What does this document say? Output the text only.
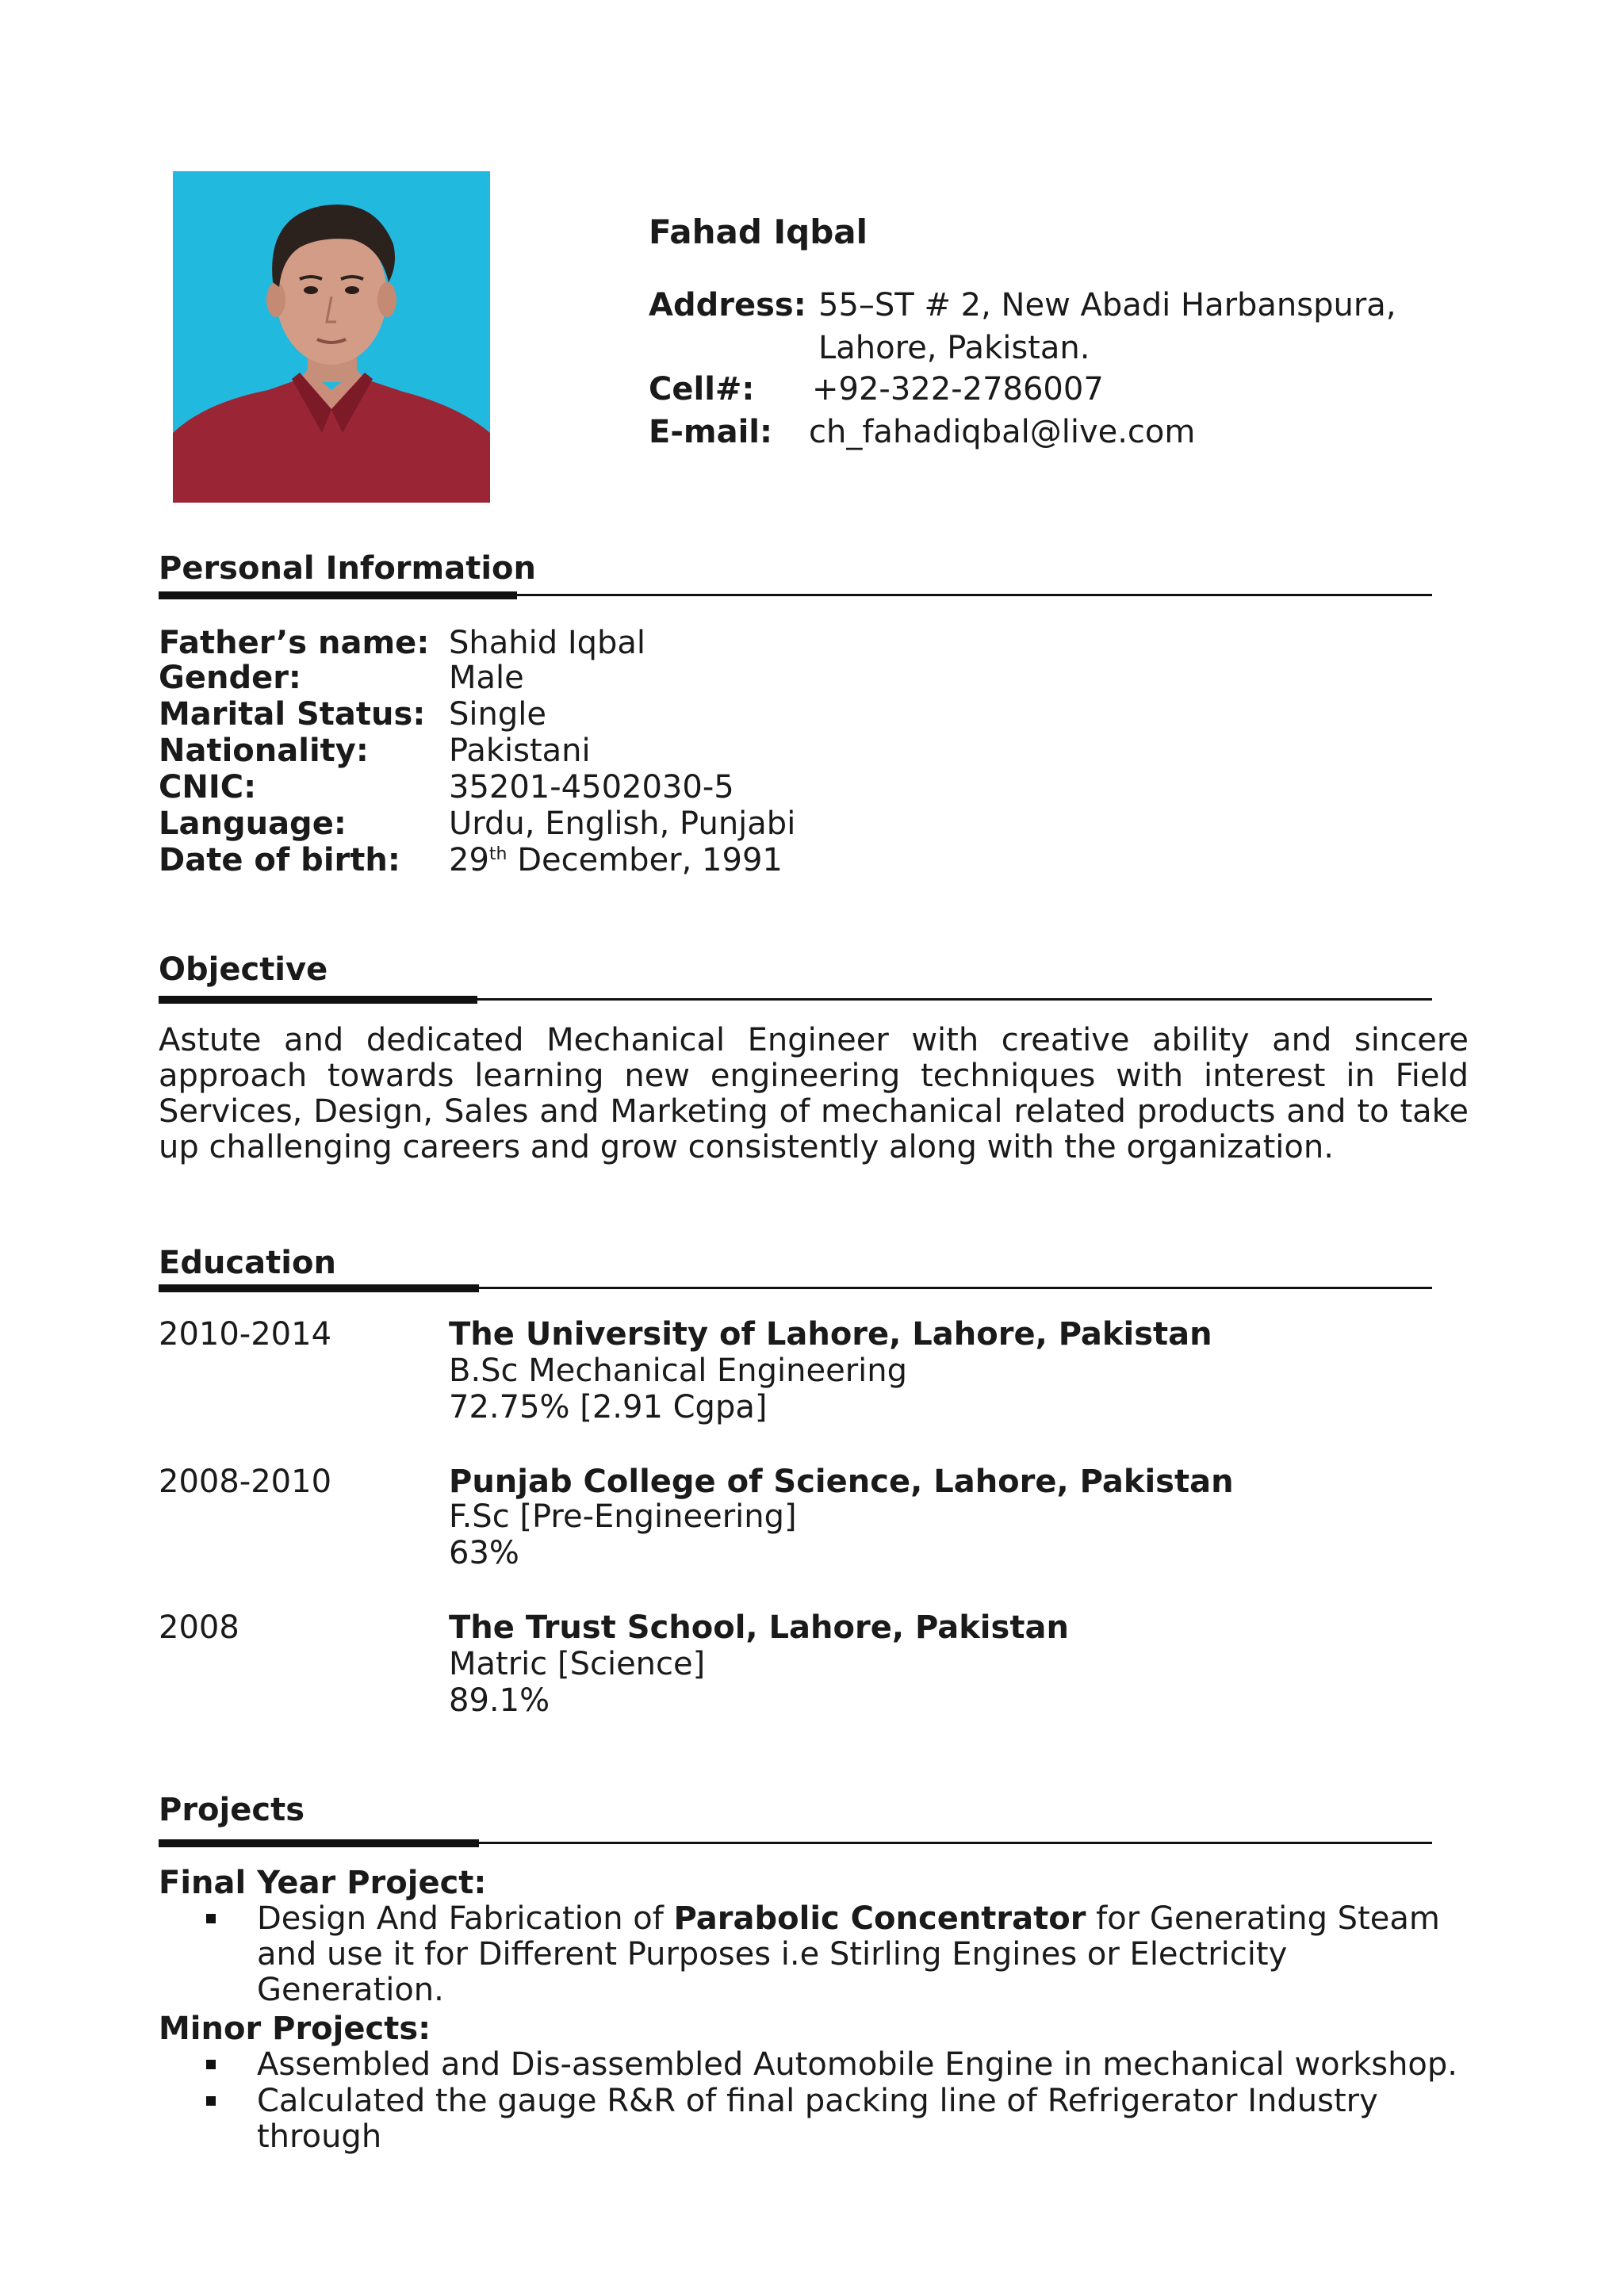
Fahad Iqbal
Address: 55–ST # 2, New Abadi Harbanspura,
Lahore, Pakistan.
Cell#: +92-322-2786007
E-mail: ch_fahadiqbal@live.com
Personal Information
Father’s name: Shahid Iqbal
Gender:	Male
Marital Status: Single
Nationality:	Pakistani
CNIC:	35201-4502030-5
Language:	Urdu, English, Punjabi
Date of birth: 29th December, 1991
Objective
Astute and dedicated Mechanical Engineer with creative ability and sincere approach towards learning new engineering techniques with interest in Field Services, Design, Sales and Marketing of mechanical related products and to take up challenging careers and grow consistently along with the organization.
Education
2010-2014	The University of Lahore, Lahore, Pakistan
B.Sc Mechanical Engineering
72.75% [2.91 Cgpa]
2008-2010	Punjab College of Science, Lahore, Pakistan
F.Sc [Pre-Engineering]
63%
2008	The Trust School, Lahore, Pakistan
Matric [Science]
89.1%
Projects
Final Year Project:
Design And Fabrication of Parabolic Concentrator for Generating Steam and use it for Different Purposes i.e Stirling Engines or Electricity Generation.
Minor Projects:
Assembled and Dis-assembled Automobile Engine in mechanical workshop.
Calculated the gauge R&R of final packing line of Refrigerator Industry through
